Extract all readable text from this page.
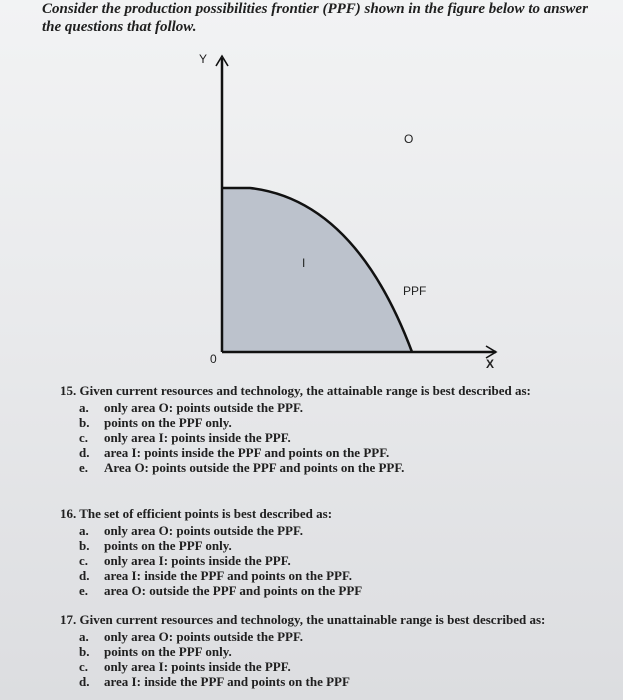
Consider the production possibilities frontier (PPF) shown in the figure below to answer the questions that follow.
Y
X
0
O
I
PPF
15. Given current resources and technology, the attainable range is best described as:
a.	only area O: points outside the PPF.
b.	points on the PPF only.
c.	only area I: points inside the PPF.
d.	area I: points inside the PPF and points on the PPF.
e.	Area O: points outside the PPF and points on the PPF.
16. The set of efficient points is best described as:
a.	only area O: points outside the PPF.
b.	points on the PPF only.
c.	only area I: points inside the PPF.
d.	area I: inside the PPF and points on the PPF.
e.	area O: outside the PPF and points on the PPF
17. Given current resources and technology, the unattainable range is best described as:
a.	only area O: points outside the PPF.
b.	points on the PPF only.
c.	only area I: points inside the PPF.
d.	area I: inside the PPF and points on the PPF
